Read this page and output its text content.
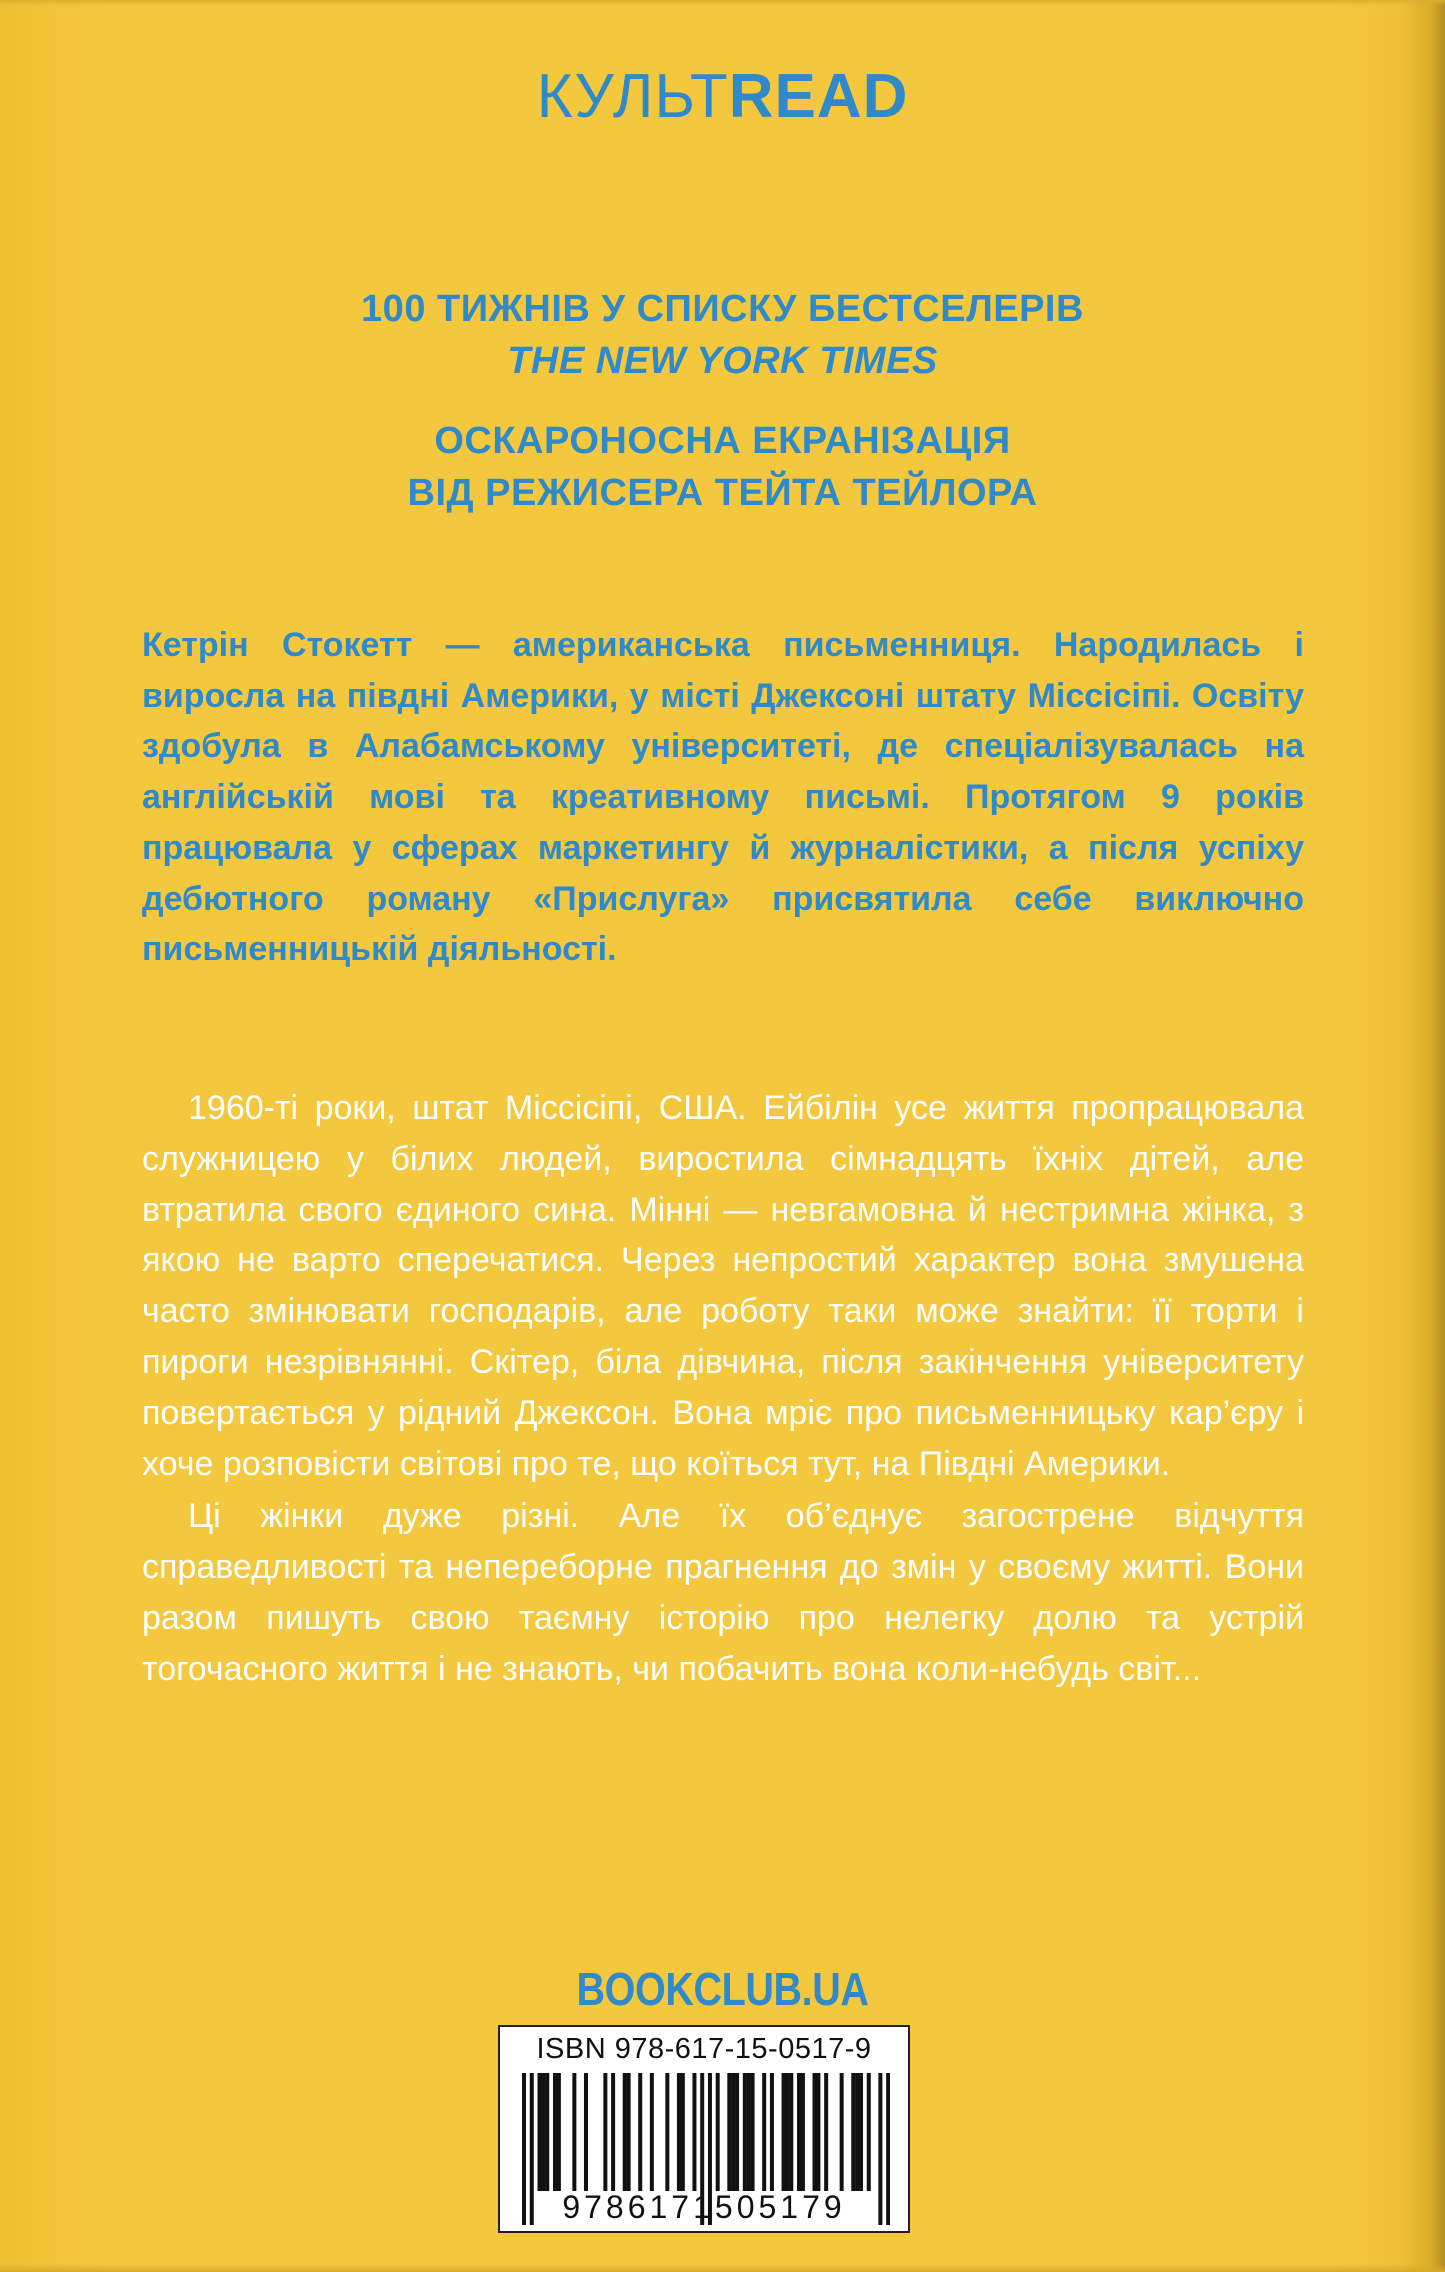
КУЛЬТREAD
100 ТИЖНІВ У СПИСКУ БЕСТСЕЛЕРІВ
THE NEW YORK TIMES
ОСКАРОНОСНА ЕКРАНІЗАЦІЯ
ВІД РЕЖИСЕРА ТЕЙТА ТЕЙЛОРА
Кетрін Стокетт — американська письменниця. Народилась і виросла на півдні Америки, у місті Джексоні штату Міссісіпі. Освіту здобула в Алабамському університеті, де спеціалізувалась на англійській мові та креативному письмі. Протягом 9 років працювала у сферах маркетингу й журналістики, а після успіху дебютного роману «Прислуга» присвятила себе виключно письменницькій діяльності.

1960-ті роки, штат Міссісіпі, США. Ейбілін усе життя пропрацювала служницею у білих людей, виростила сімнадцять їхніх дітей, але втратила свого єдиного сина. Мінні — невгамовна й нестримна жінка, з якою не варто сперечатися. Через непростий характер вона змушена часто змінювати господарів, але роботу таки може знайти: її торти і пироги незрівнянні. Скітер, біла дівчина, після закінчення університету повертається у рідний Джексон. Вона мріє про письменницьку кар’єру і хоче розповісти світові про те, що коїться тут, на Півдні Америки.

Ці жінки дуже різні. Але їх об’єднує загострене відчуття справедливості та непереборне прагнення до змін у своєму житті. Вони разом пишуть свою таємну історію про нелегку долю та устрій тогочасного життя і не знають, чи побачить вона коли-небудь світ...

BOOKCLUB.UA
ISBN 978-617-15-0517-9
9786171505179
